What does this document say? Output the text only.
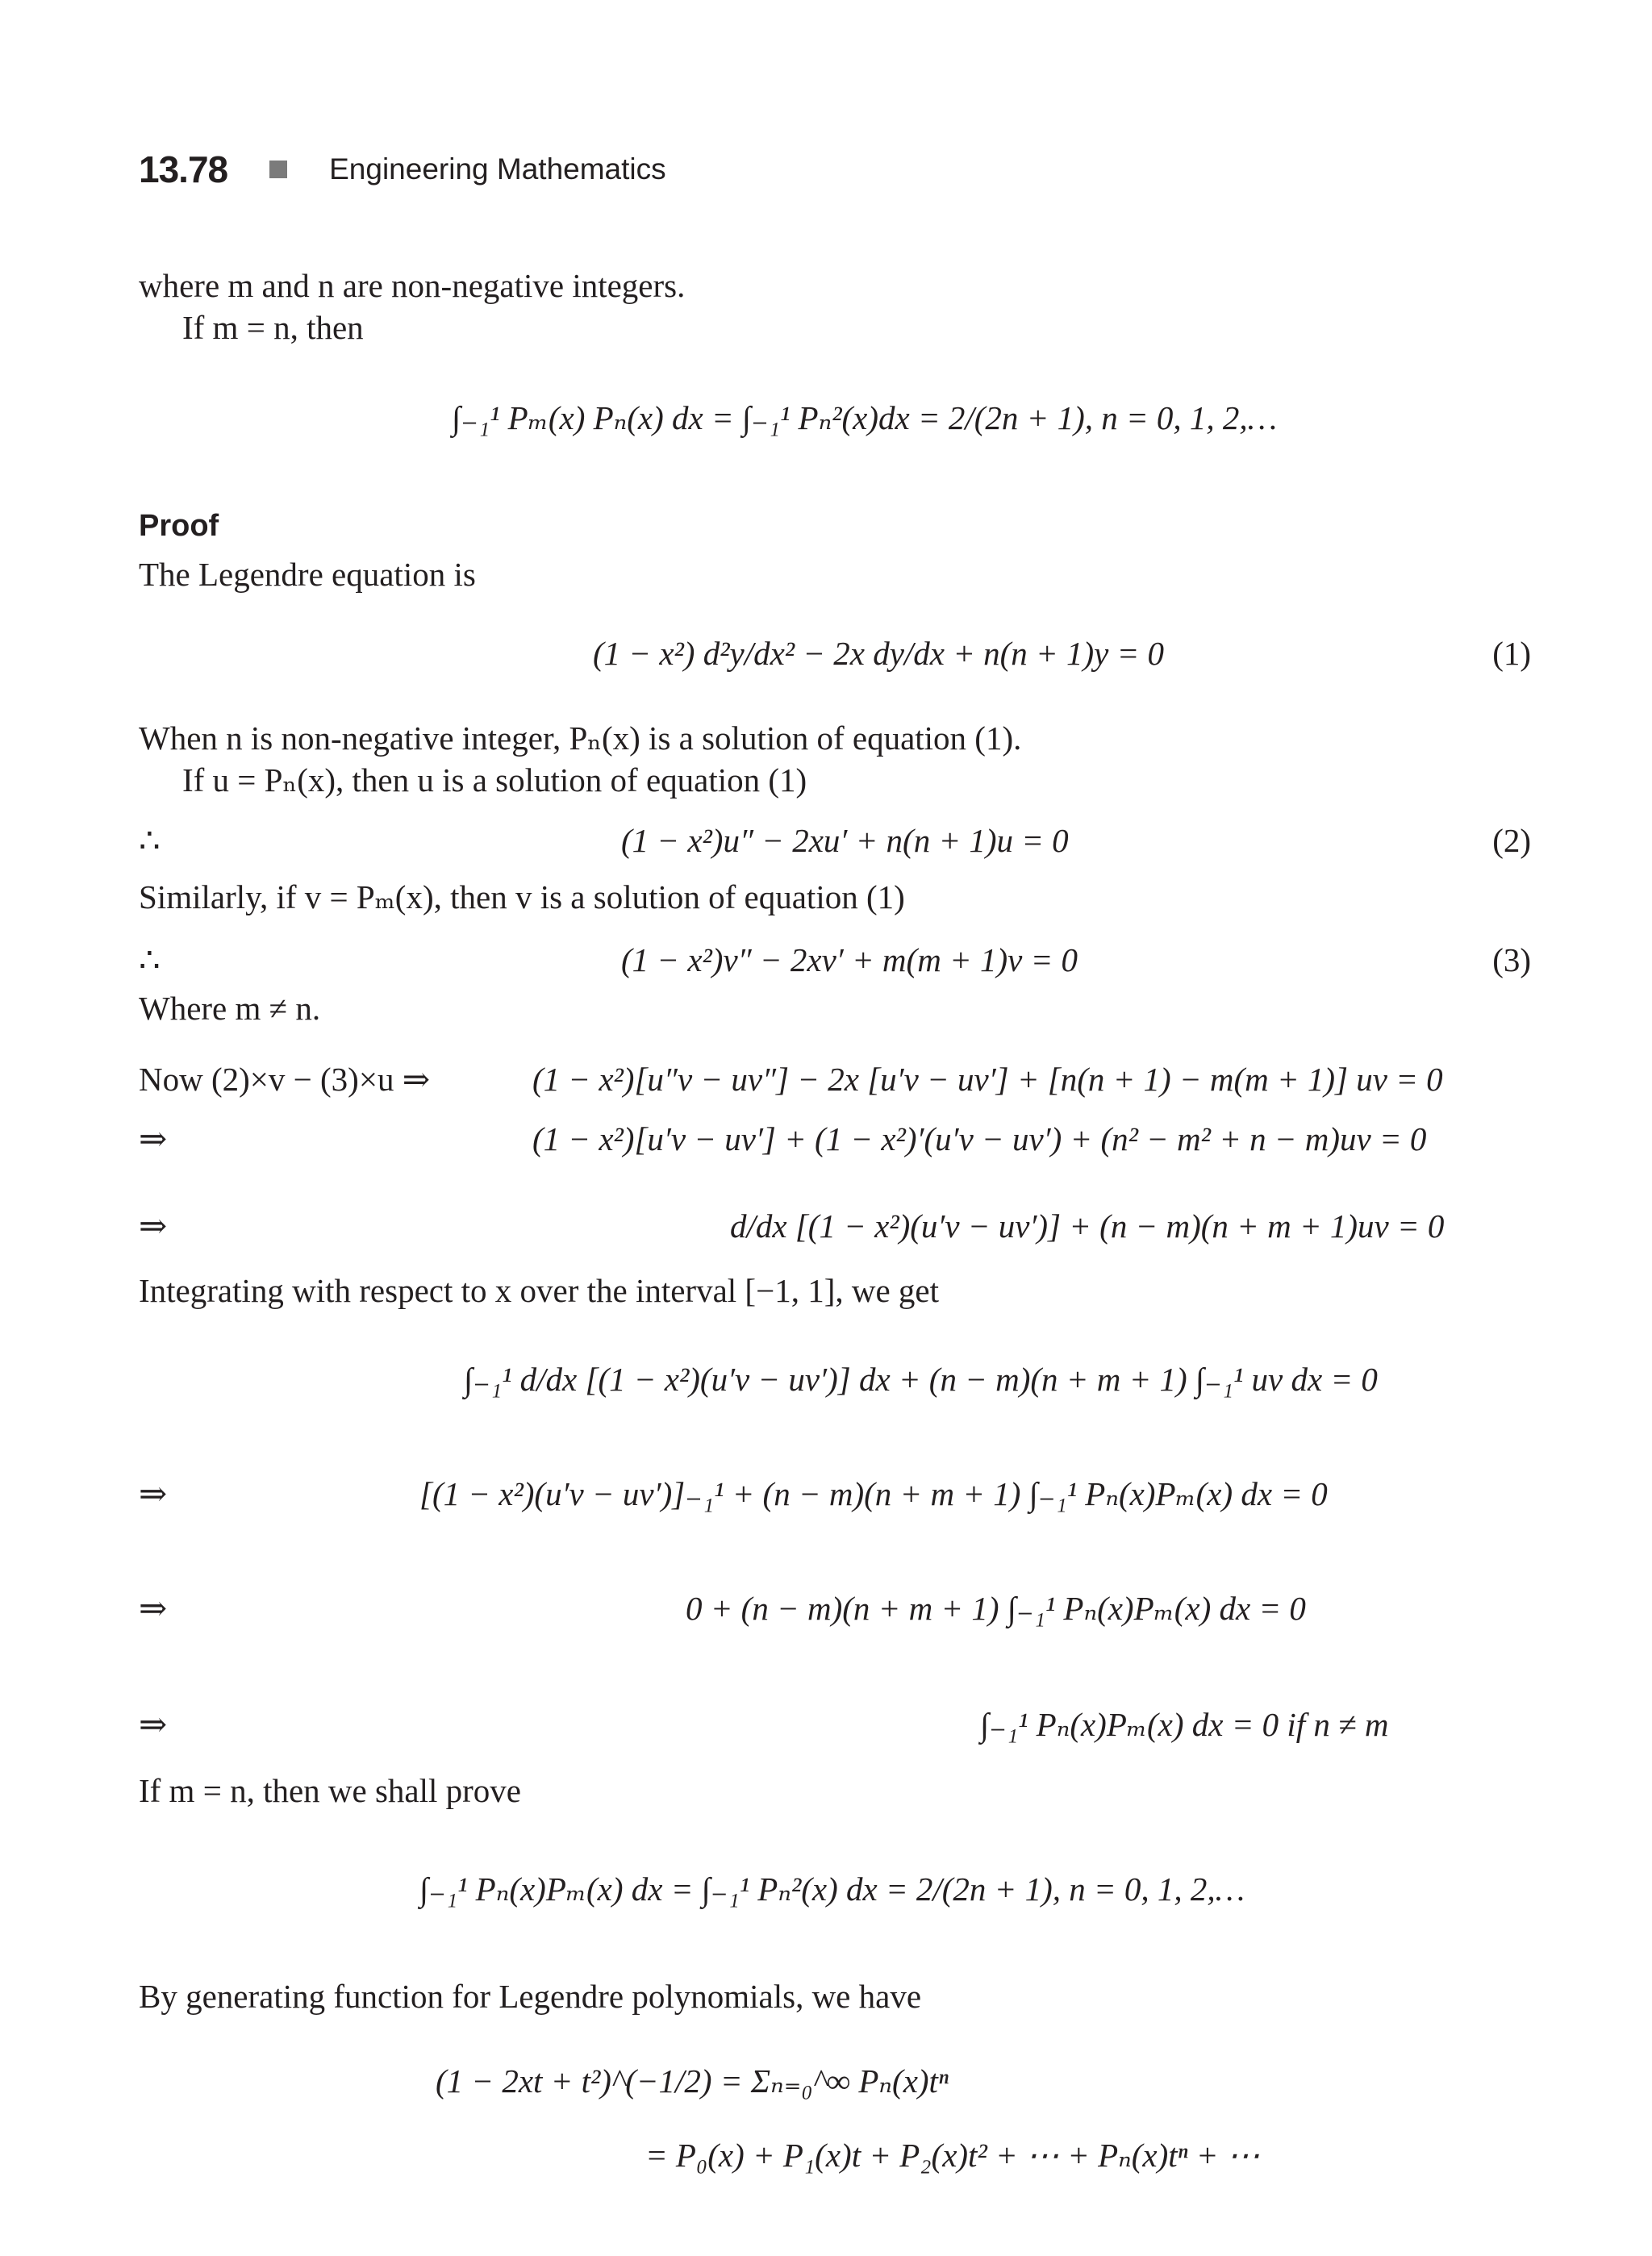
13.78	Engineering Mathematics
where m and n are non-negative integers.
If m = n, then
∫₋₁¹ Pₘ(x) Pₙ(x) dx = ∫₋₁¹ Pₙ²(x)dx = 2/(2n + 1), n = 0, 1, 2,…
Proof
The Legendre equation is
(1 − x²) d²y/dx² − 2x dy/dx + n(n + 1)y = 0	(1)
When n is non-negative integer, Pₙ(x) is a solution of equation (1).
If u = Pₙ(x), then u is a solution of equation (1)
∴	(1 − x²)u″ − 2xu′ + n(n + 1)u = 0	(2)
Similarly, if v = Pₘ(x), then v is a solution of equation (1)
∴	(1 − x²)v″ − 2xv′ + m(m + 1)v = 0	(3)
Where m ≠ n.
Now (2)×v − (3)×u ⇒	(1 − x²)[u″v − uv″] − 2x [u′v − uv′] + [n(n + 1) − m(m + 1)] uv = 0
⇒	(1 − x²)[u′v − uv′] + (1 − x²)′(u′v − uv′) + (n² − m² + n − m)uv = 0
⇒	d/dx [(1 − x²)(u′v − uv′)] + (n − m)(n + m + 1)uv = 0
Integrating with respect to x over the interval [−1, 1], we get
∫₋₁¹ d/dx [(1 − x²)(u′v − uv′)] dx + (n − m)(n + m + 1) ∫₋₁¹ uv dx = 0
⇒	[(1 − x²)(u′v − uv′)]₋₁¹ + (n − m)(n + m + 1) ∫₋₁¹ Pₙ(x)Pₘ(x) dx = 0
⇒	0 + (n − m)(n + m + 1) ∫₋₁¹ Pₙ(x)Pₘ(x) dx = 0
⇒	∫₋₁¹ Pₙ(x)Pₘ(x) dx = 0 if n ≠ m
If m = n, then we shall prove
∫₋₁¹ Pₙ(x)Pₘ(x) dx = ∫₋₁¹ Pₙ²(x) dx = 2/(2n + 1), n = 0, 1, 2,…
By generating function for Legendre polynomials, we have
(1 − 2xt + t²)^(−1/2) = Σₙ₌₀^∞ Pₙ(x)tⁿ
= P₀(x) + P₁(x)t + P₂(x)t² + ⋯ + Pₙ(x)tⁿ + ⋯
